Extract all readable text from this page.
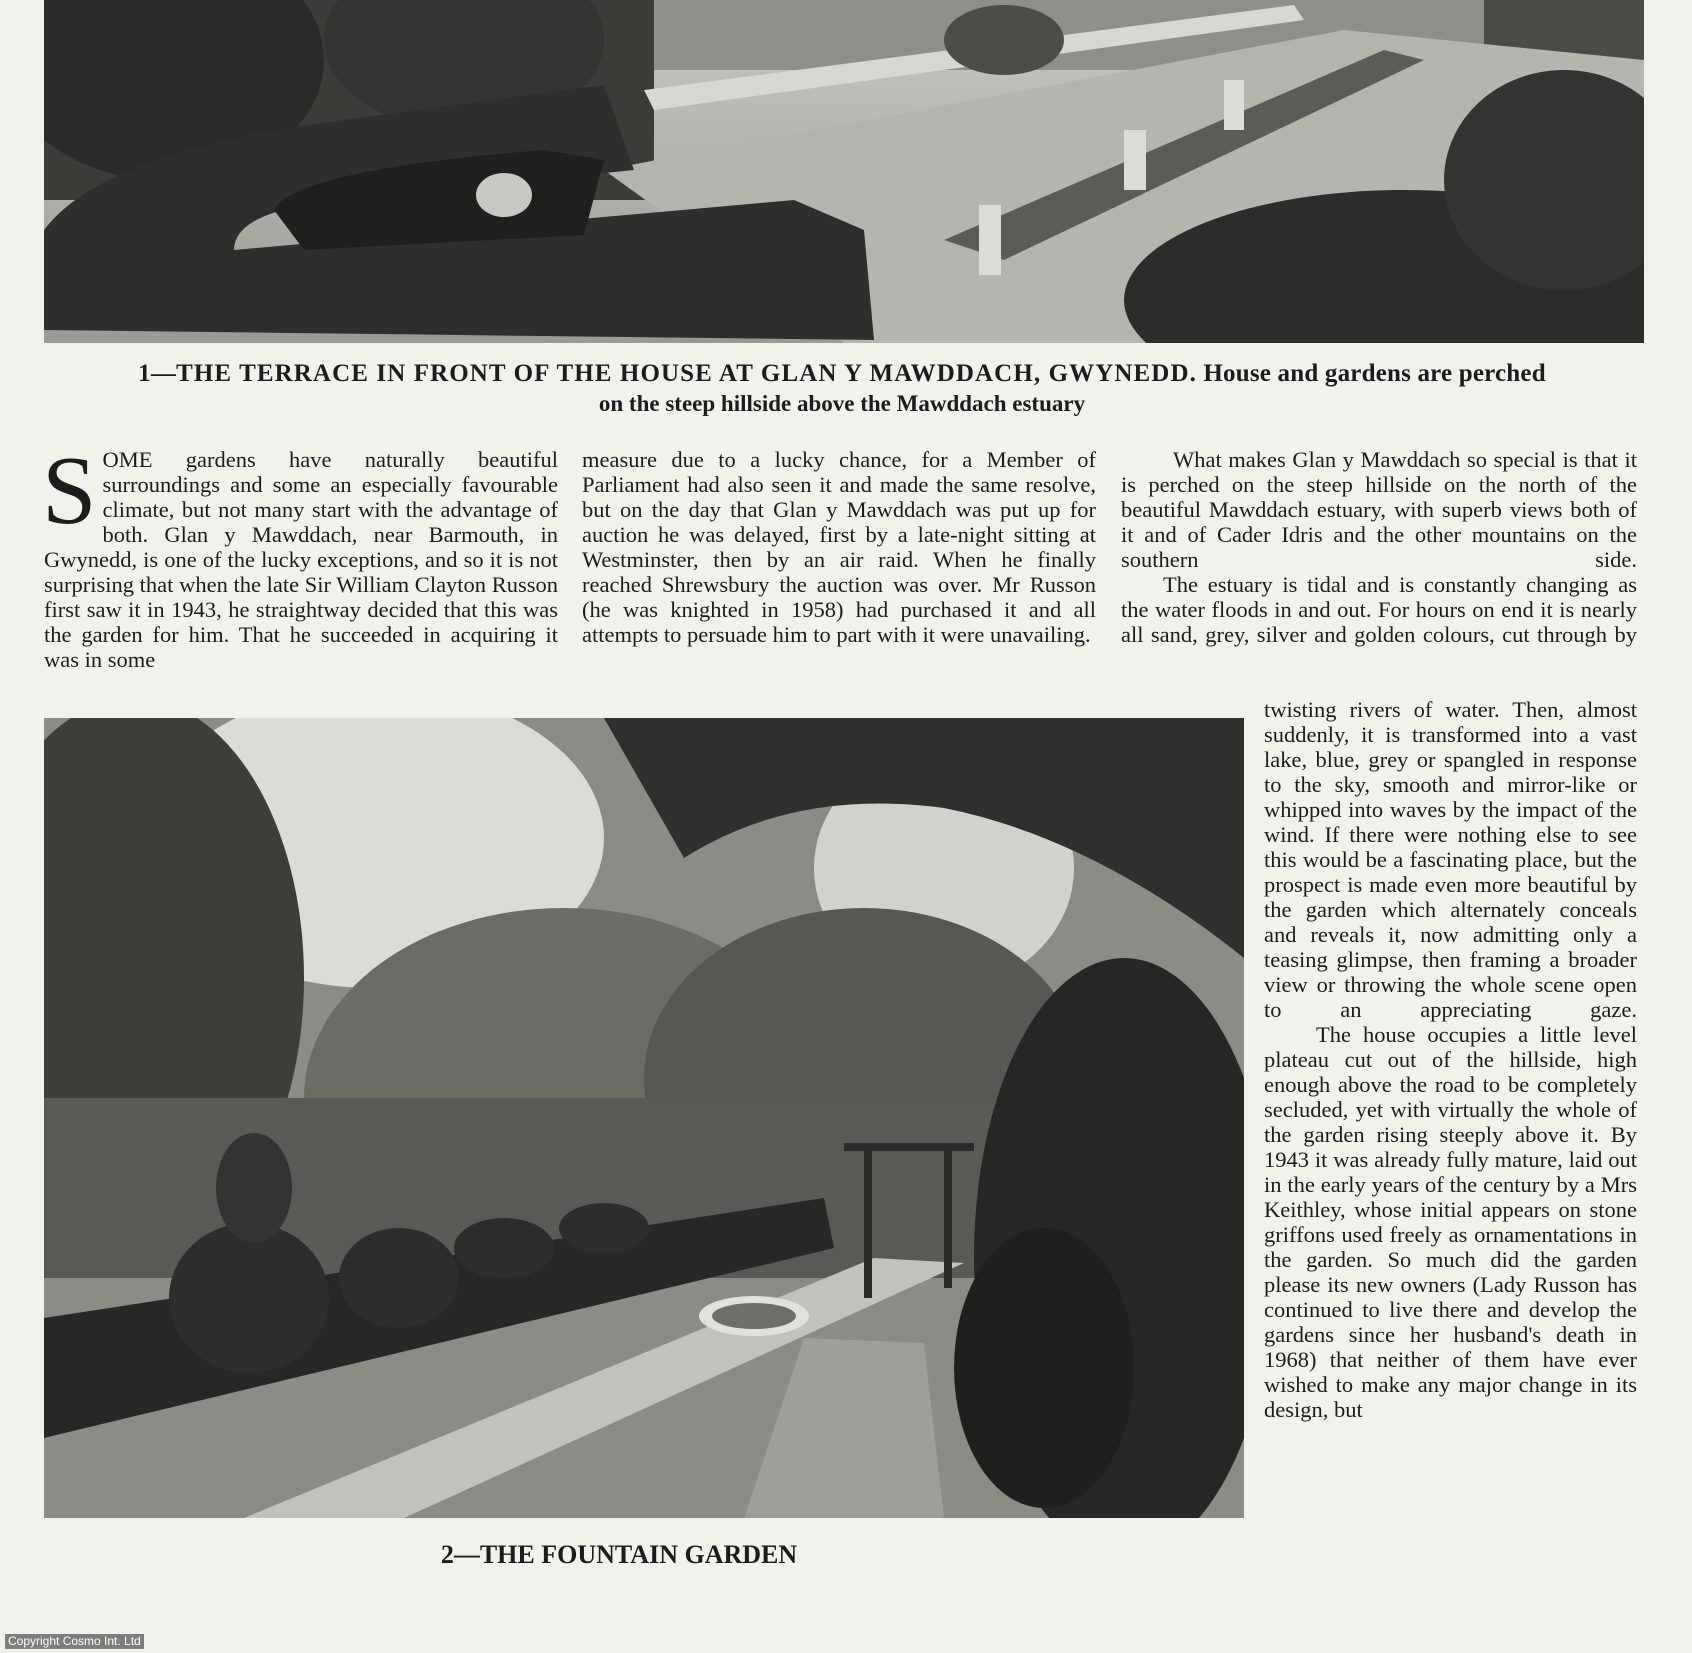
1—THE TERRACE IN FRONT OF THE HOUSE AT GLAN Y MAWDDACH, GWYNEDD. House and gardens are perched
on the steep hillside above the Mawddach estuary

SOME gardens have naturally beautiful surroundings and some an especially favourable climate, but not many start with the advantage of both. Glan y Mawddach, near Barmouth, in Gwynedd, is one of the lucky exceptions, and so it is not surprising that when the late Sir William Clayton Russon first saw it in 1943, he straightway decided that this was the garden for him. That he succeeded in acquiring it was in some

measure due to a lucky chance, for a Member of Parliament had also seen it and made the same resolve, but on the day that Glan y Mawddach was put up for auction he was delayed, first by a late-night sitting at Westminster, then by an air raid. When he finally reached Shrewsbury the auction was over. Mr Russon (he was knighted in 1958) had purchased it and all attempts to persuade him to part with it were unavailing.

What makes Glan y Mawddach so special is that it is perched on the steep hillside on the north of the beautiful Mawddach estuary, with superb views both of it and of Cader Idris and the other mountains on the southern side.

The estuary is tidal and is constantly changing as the water floods in and out. For hours on end it is nearly all sand, grey, silver and golden colours, cut through by

twisting rivers of water. Then, almost suddenly, it is transformed into a vast lake, blue, grey or spangled in response to the sky, smooth and mirror-like or whipped into waves by the impact of the wind. If there were nothing else to see this would be a fascinating place, but the prospect is made even more beautiful by the garden which alternately conceals and reveals it, now admitting only a teasing glimpse, then framing a broader view or throwing the whole scene open to an appreciating gaze.

The house occupies a little level plateau cut out of the hillside, high enough above the road to be completely secluded, yet with virtually the whole of the garden rising steeply above it. By 1943 it was already fully mature, laid out in the early years of the century by a Mrs Keithley, whose initial appears on stone griffons used freely as ornamentations in the garden. So much did the garden please its new owners (Lady Russon has continued to live there and develop the gardens since her husband's death in 1968) that neither of them have ever wished to make any major change in its design, but

2—THE FOUNTAIN GARDEN
Copyright Cosmo Int. Ltd
